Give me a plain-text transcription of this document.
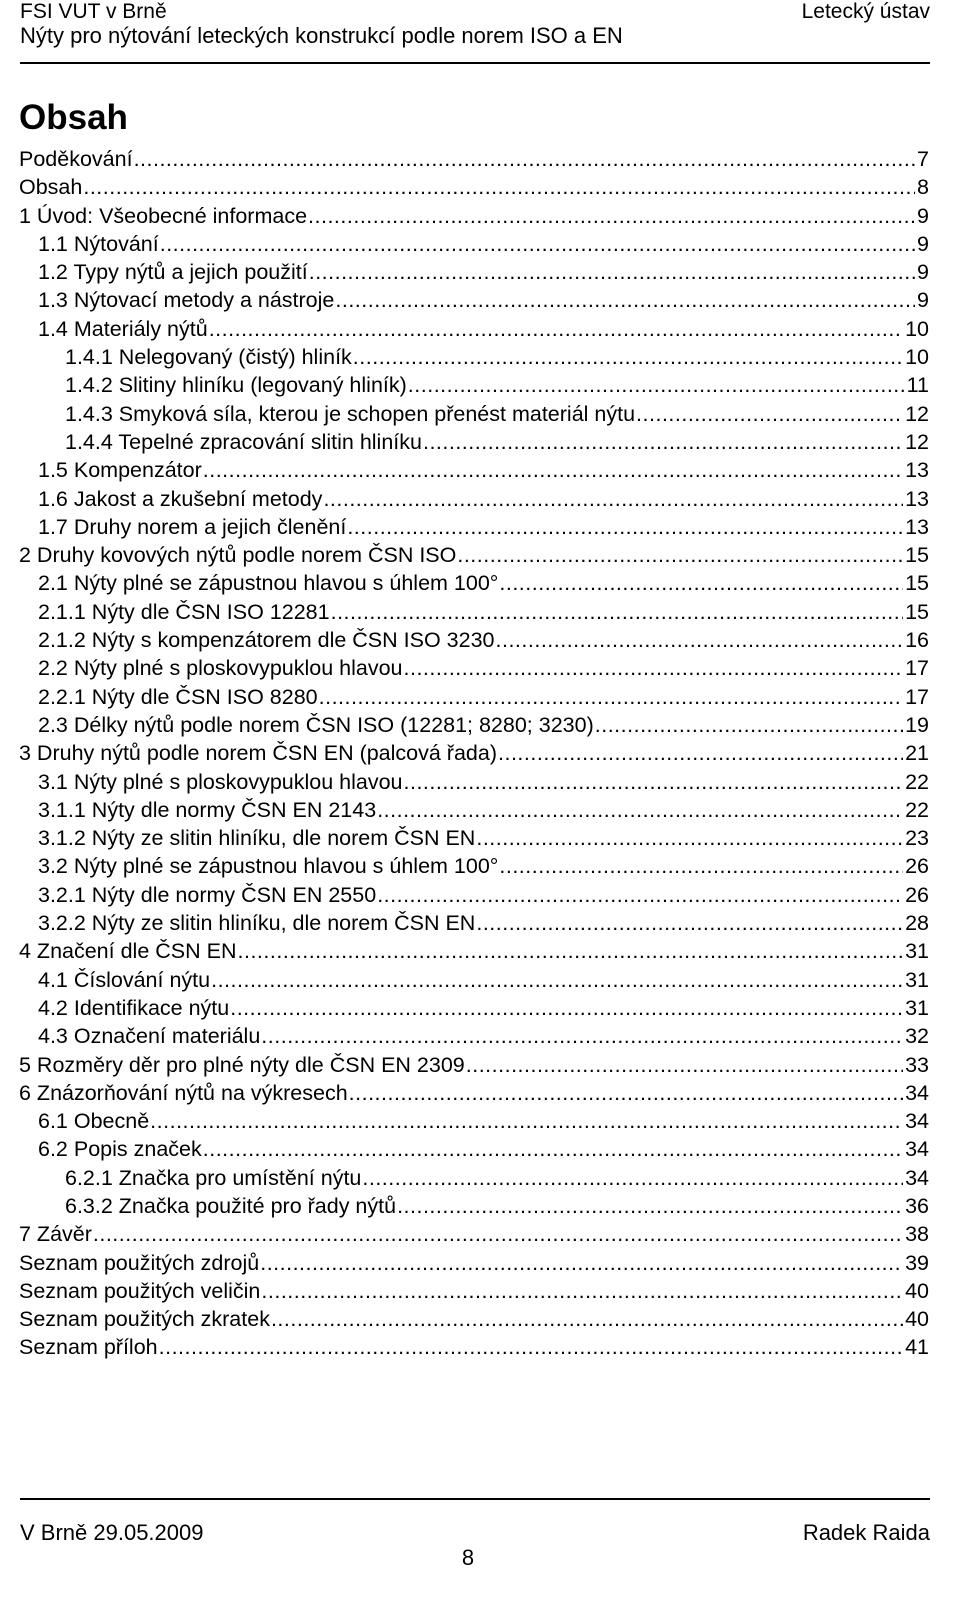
FSI VUT v Brně	Letecký ústav
Nýty pro nýtování leteckých konstrukcí podle norem ISO a EN
Obsah
Poděkování .....	7
Obsah .....	8
1 Úvod: Všeobecné informace .....	9
1.1 Nýtování .....	9
1.2 Typy nýtů a jejich použití .....	9
1.3 Nýtovací metody a nástroje .....	9
1.4 Materiály nýtů .....	10
1.4.1 Nelegovaný (čistý) hliník .....	10
1.4.2 Slitiny hliníku (legovaný hliník) .....	11
1.4.3 Smyková síla, kterou je schopen přenést materiál nýtu .....	12
1.4.4 Tepelné zpracování slitin hliníku .....	12
1.5 Kompenzátor .....	13
1.6 Jakost a zkušební metody .....	13
1.7 Druhy norem a jejich členění .....	13
2 Druhy kovových nýtů podle norem ČSN ISO .....	15
2.1 Nýty plné se zápustnou hlavou s úhlem 100° .....	15
2.1.1 Nýty dle ČSN ISO 12281 .....	15
2.1.2 Nýty s kompenzátorem dle ČSN ISO 3230 .....	16
2.2 Nýty plné s ploskovypuklou hlavou .....	17
2.2.1 Nýty dle ČSN ISO 8280 .....	17
2.3 Délky nýtů podle norem ČSN ISO (12281; 8280; 3230) .....	19
3 Druhy nýtů podle norem ČSN EN (palcová řada) .....	21
3.1 Nýty plné s ploskovypuklou hlavou .....	22
3.1.1 Nýty dle normy ČSN EN 2143 .....	22
3.1.2 Nýty ze slitin hliníku, dle norem ČSN EN .....	23
3.2 Nýty plné se zápustnou hlavou s úhlem 100° .....	26
3.2.1 Nýty dle normy ČSN EN 2550 .....	26
3.2.2 Nýty ze slitin hliníku, dle norem ČSN EN .....	28
4 Značení dle ČSN EN .....	31
4.1 Číslování nýtu .....	31
4.2 Identifikace nýtu .....	31
4.3 Označení materiálu .....	32
5 Rozměry děr pro plné nýty dle ČSN EN 2309 .....	33
6 Znázorňování nýtů na výkresech .....	34
6.1 Obecně .....	34
6.2 Popis značek .....	34
6.2.1 Značka pro umístění nýtu .....	34
6.3.2 Značka použité pro řady nýtů .....	36
7 Závěr .....	38
Seznam použitých zdrojů .....	39
Seznam použitých veličin .....	40
Seznam použitých zkratek .....	40
Seznam příloh .....	41
V Brně 29.05.2009	Radek Raida
8
